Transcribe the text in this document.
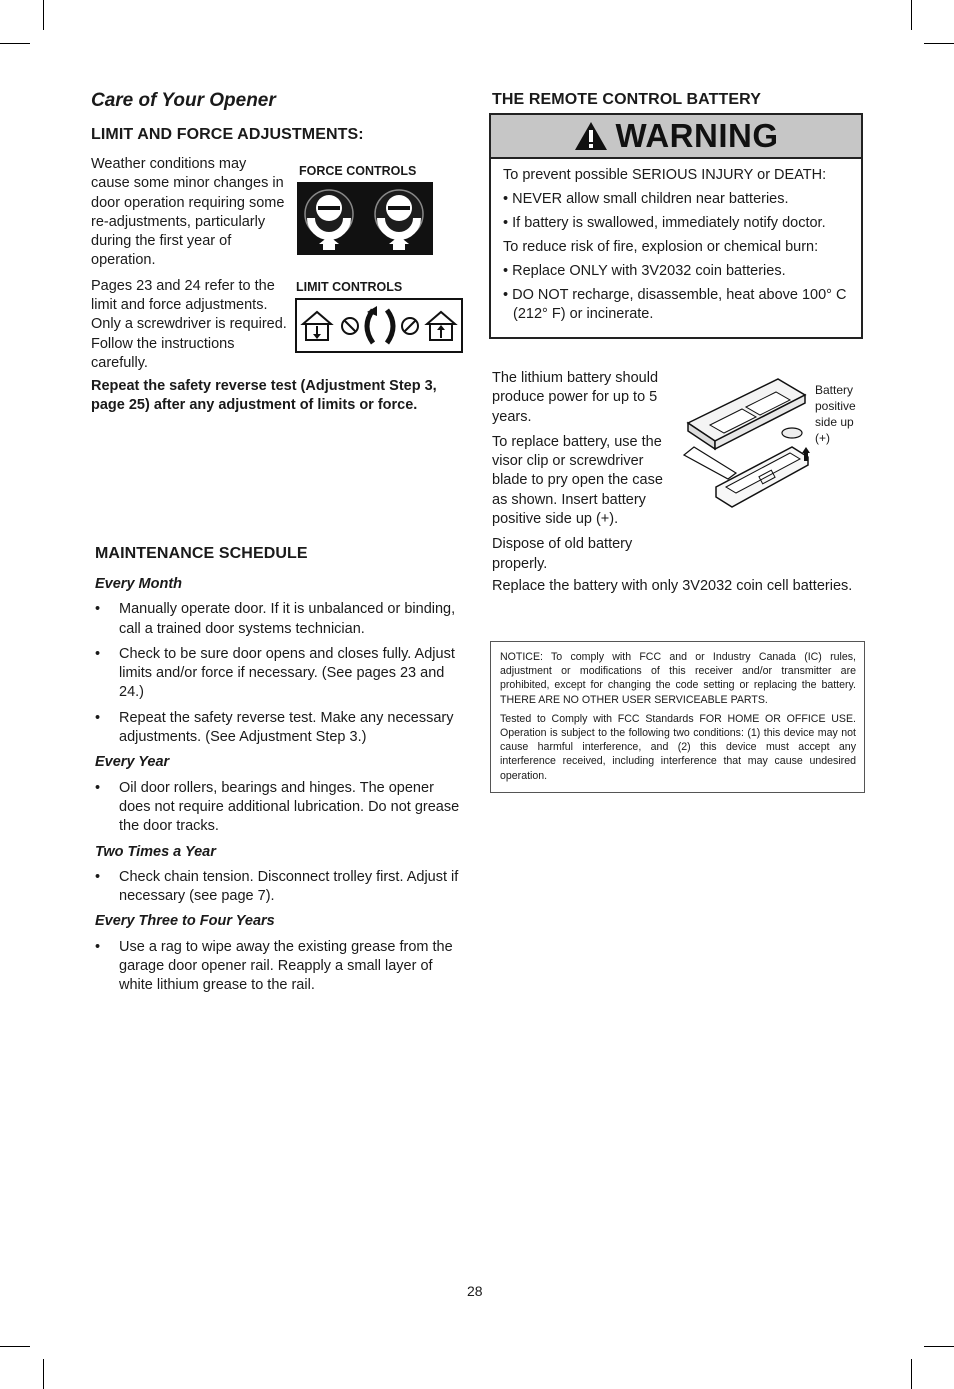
Care of Your Opener
LIMIT AND FORCE ADJUSTMENTS:

Weather conditions may cause some minor changes in door operation requiring some re-adjustments, particularly during the first year of operation.

Pages 23 and 24 refer to the limit and force adjustments. Only a screwdriver is required. Follow the instructions carefully.

Repeat the safety reverse test (Adjustment Step 3, page 25) after any adjustment of limits or force.
FORCE CONTROLS
LIMIT CONTROLS
MAINTENANCE SCHEDULE
Every Month
• Manually operate door. If it is unbalanced or binding, call a trained door systems technician.
• Check to be sure door opens and closes fully. Adjust limits and/or force if necessary. (See pages 23 and 24.)
• Repeat the safety reverse test. Make any necessary adjustments. (See Adjustment Step 3.)
Every Year
• Oil door rollers, bearings and hinges. The opener does not require additional lubrication. Do not grease the door tracks.
Two Times a Year
• Check chain tension. Disconnect trolley first. Adjust if necessary (see page 7).
Every Three to Four Years
• Use a rag to wipe away the existing grease from the garage door opener rail. Reapply a small layer of white lithium grease to the rail.
THE REMOTE CONTROL BATTERY
WARNING
To prevent possible SERIOUS INJURY or DEATH:
• NEVER allow small children near batteries.
• If battery is swallowed, immediately notify doctor.
To reduce risk of fire, explosion or chemical burn:
• Replace ONLY with 3V2032 coin batteries.
• DO NOT recharge, disassemble, heat above 100° C (212° F) or incinerate.

The lithium battery should produce power for up to 5 years.

To replace battery, use the visor clip or screwdriver blade to pry open the case as shown. Insert battery positive side up (+).

Dispose of old battery properly.

Replace the battery with only 3V2032 coin cell batteries.
Battery positive side up (+)
NOTICE: To comply with FCC and or Industry Canada (IC) rules, adjustment or modifications of this receiver and/or transmitter are prohibited, except for changing the code setting or replacing the battery. THERE ARE NO OTHER USER SERVICEABLE PARTS.
Tested to Comply with FCC Standards FOR HOME OR OFFICE USE. Operation is subject to the following two conditions: (1) this device may not cause harmful interference, and (2) this device must accept any interference received, including interference that may cause undesired operation.
28
